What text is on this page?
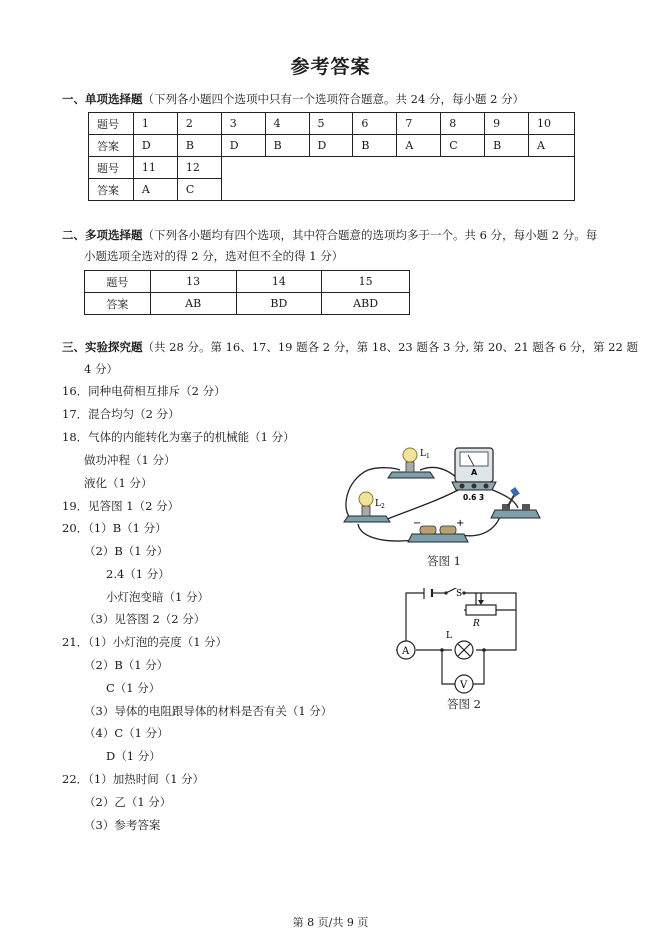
参考答案
一、单项选择题（下列各小题四个选项中只有一个选项符合题意。共 24 分，每小题 2 分）
题号	1	2	3	4	5	6	7	8	9	10
答案	D	B	D	B	D	B	A	C	B	A
题号	11	12								
答案	A	C								
二、多项选择题（下列各小题均有四个选项，其中符合题意的选项均多于一个。共 6 分，每小题 2 分。每
小题选项全选对的得 2 分，选对但不全的得 1 分）
题号	13	14	15
答案	AB	BD	ABD
三、实验探究题（共 28 分。第 16、17、19 题各 2 分，第 18、23 题各 3 分, 第 20、21 题各 6 分，第 22 题
4 分）
16．同种电荷相互排斥（2 分）
17．混合均匀（2 分）
18．气体的内能转化为塞子的机械能（1 分）
做功冲程（1 分）
液化（1 分）
19．见答图 1（2 分）
20．（1）B（1 分）
（2）B（1 分）
2.4（1 分）
小灯泡变暗（1 分）
（3）见答图 2（2 分）
21．（1）小灯泡的亮度（1 分）
（2）B（1 分）
C（1 分）
（3）导体的电阻跟导体的材料是否有关（1 分）
（4）C（1 分）
D（1 分）
22．（1）加热时间（1 分）
（2）乙（1 分）
（3）参考答案
$L_1$
$L_2$
A
0.6 3
−	+
答图 1
S
R
A
L
V
答图 2
第 8 页/共 9 页
